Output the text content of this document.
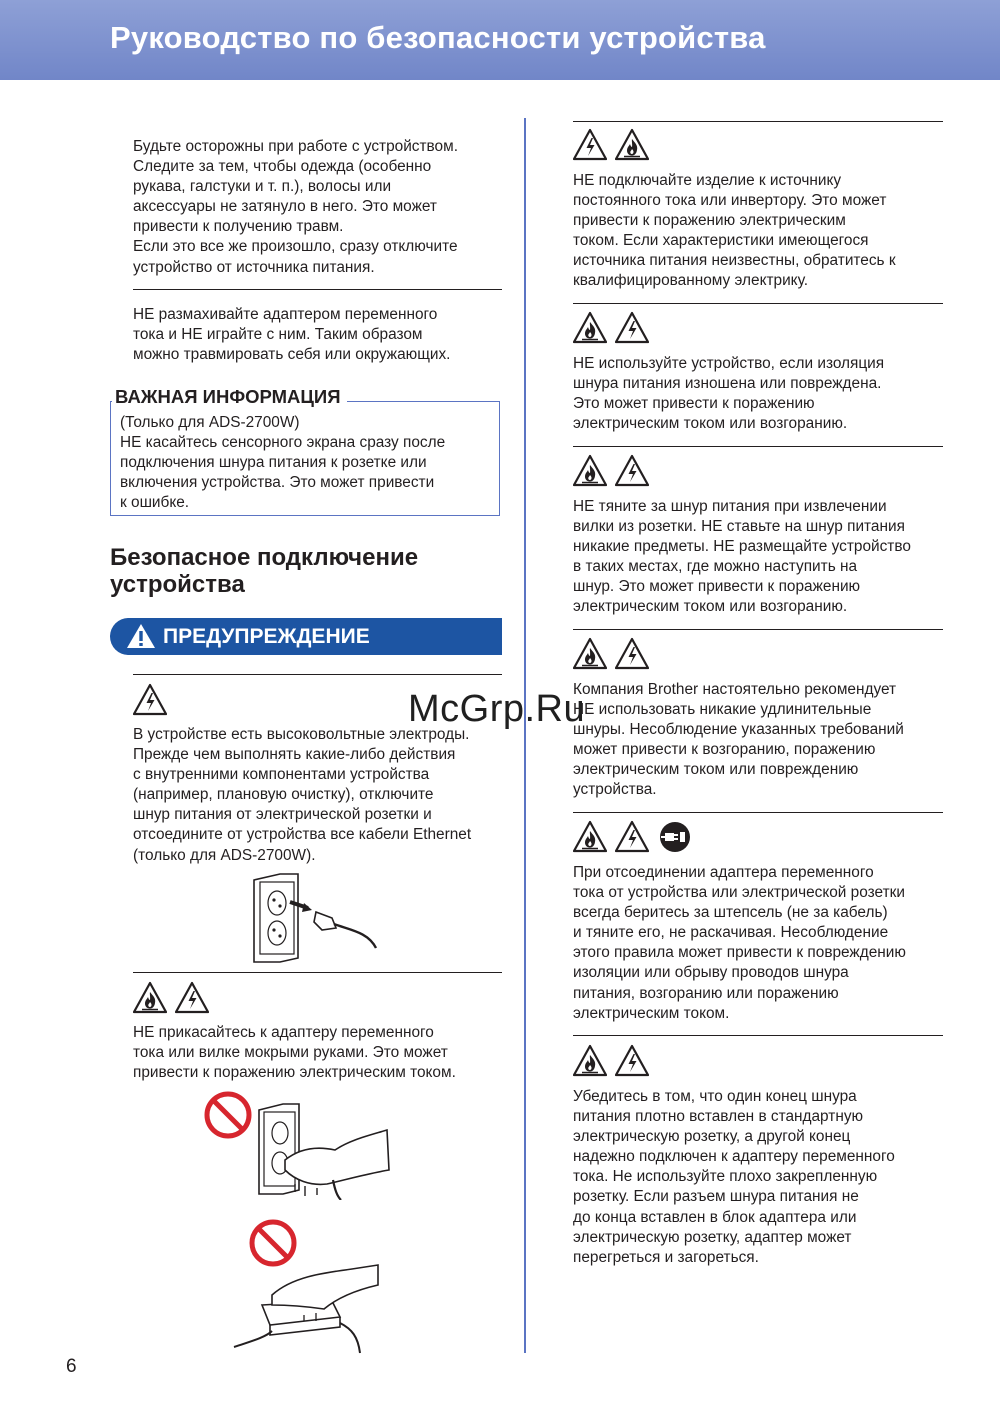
Руководство по безопасности устройства

Будьте осторожны при работе с устройством.
Следите за тем, чтобы одежда (особенно
рукава, галстуки и т. п.), волосы или
аксессуары не затянуло в него. Это может
привести к получению травм.
Если это все же произошло, сразу отключите
устройство от источника питания.

НЕ размахивайте адаптером переменного
тока и НЕ играйте с ним. Таким образом
можно травмировать себя или окружающих.

ВАЖНАЯ ИНФОРМАЦИЯ

(Только для ADS-2700W)
НЕ касайтесь сенсорного экрана сразу после
подключения шнура питания к розетке или
включения устройства. Это может привести
к ошибке.

Безопасное подключение
устройства
ПРЕДУПРЕЖДЕНИЕ

В устройстве есть высоковольтные электроды.
Прежде чем выполнять какие-либо действия
с внутренними компонентами устройства
(например, плановую очистку), отключите
шнур питания от электрической розетки и
отсоедините от устройства все кабели Ethernet
(только для ADS-2700W).

НЕ прикасайтесь к адаптеру переменного
тока или вилке мокрыми руками. Это может
привести к поражению электрическим током.

НЕ подключайте изделие к источнику
постоянного тока или инвертору. Это может
привести к поражению электрическим
током. Если характеристики имеющегося
источника питания неизвестны, обратитесь к
квалифицированному электрику.

НЕ используйте устройство, если изоляция
шнура питания изношена или повреждена.
Это может привести к поражению
электрическим током или возгоранию.

НЕ тяните за шнур питания при извлечении
вилки из розетки. НЕ ставьте на шнур питания
никакие предметы. НЕ размещайте устройство
в таких местах, где можно наступить на
шнур. Это может привести к поражению
электрическим током или возгоранию.

Компания Brother настоятельно рекомендует
НЕ использовать никакие удлинительные
шнуры. Несоблюдение указанных требований
может привести к возгоранию, поражению
электрическим током или повреждению
устройства.

При отсоединении адаптера переменного
тока от устройства или электрической розетки
всегда беритесь за штепсель (не за кабель)
и тяните его, не раскачивая. Несоблюдение
этого правила может привести к повреждению
изоляции или обрыву проводов шнура
питания, возгоранию или поражению
электрическим током.

Убедитесь в том, что один конец шнура
питания плотно вставлен в стандартную
электрическую розетку, а другой конец
надежно подключен к адаптеру переменного
тока. Не используйте плохо закрепленную
розетку. Если разъем шнура питания не
до конца вставлен в блок адаптера или
электрическую розетку, адаптер может
перегреться и загореться.

McGrp.Ru
6
